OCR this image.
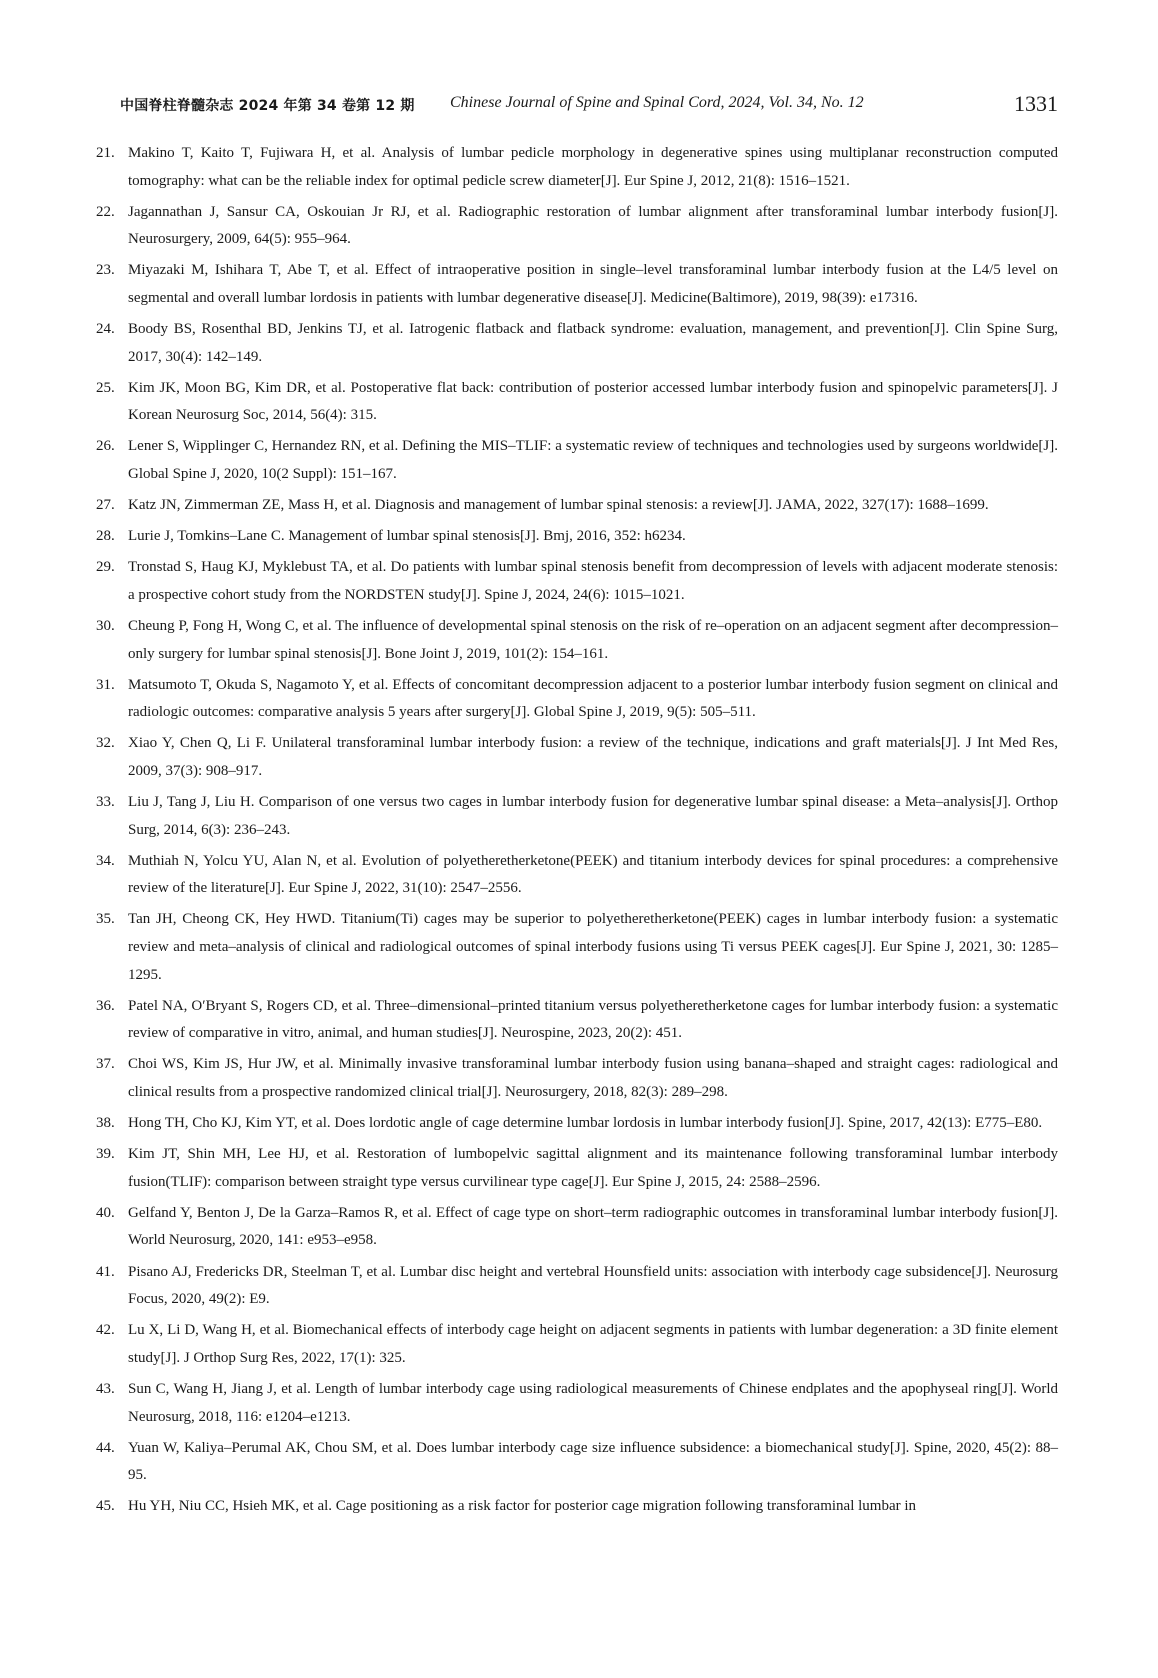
中国脊柱脊髓杂志 2024 年第 34 卷第 12 期 Chinese Journal of Spine and Spinal Cord, 2024, Vol. 34, No. 12	1331
21. Makino T, Kaito T, Fujiwara H, et al. Analysis of lumbar pedicle morphology in degenerative spines using multiplanar reconstruction computed tomography: what can be the reliable index for optimal pedicle screw diameter[J]. Eur Spine J, 2012, 21(8): 1516–1521.
22. Jagannathan J, Sansur CA, Oskouian Jr RJ, et al. Radiographic restoration of lumbar alignment after transforaminal lumbar interbody fusion[J]. Neurosurgery, 2009, 64(5): 955–964.
23. Miyazaki M, Ishihara T, Abe T, et al. Effect of intraoperative position in single–level transforaminal lumbar interbody fusion at the L4/5 level on segmental and overall lumbar lordosis in patients with lumbar degenerative disease[J]. Medicine(Baltimore), 2019, 98(39): e17316.
24. Boody BS, Rosenthal BD, Jenkins TJ, et al. Iatrogenic flatback and flatback syndrome: evaluation, management, and prevention[J]. Clin Spine Surg, 2017, 30(4): 142–149.
25. Kim JK, Moon BG, Kim DR, et al. Postoperative flat back: contribution of posterior accessed lumbar interbody fusion and spinopelvic parameters[J]. J Korean Neurosurg Soc, 2014, 56(4): 315.
26. Lener S, Wipplinger C, Hernandez RN, et al. Defining the MIS–TLIF: a systematic review of techniques and technologies used by surgeons worldwide[J]. Global Spine J, 2020, 10(2 Suppl): 151–167.
27. Katz JN, Zimmerman ZE, Mass H, et al. Diagnosis and management of lumbar spinal stenosis: a review[J]. JAMA, 2022, 327(17): 1688–1699.
28. Lurie J, Tomkins–Lane C. Management of lumbar spinal stenosis[J]. Bmj, 2016, 352: h6234.
29. Tronstad S, Haug KJ, Myklebust TA, et al. Do patients with lumbar spinal stenosis benefit from decompression of levels with adjacent moderate stenosis: a prospective cohort study from the NORDSTEN study[J]. Spine J, 2024, 24(6): 1015–1021.
30. Cheung P, Fong H, Wong C, et al. The influence of developmental spinal stenosis on the risk of re–operation on an adjacent segment after decompression–only surgery for lumbar spinal stenosis[J]. Bone Joint J, 2019, 101(2): 154–161.
31. Matsumoto T, Okuda S, Nagamoto Y, et al. Effects of concomitant decompression adjacent to a posterior lumbar interbody fusion segment on clinical and radiologic outcomes: comparative analysis 5 years after surgery[J]. Global Spine J, 2019, 9(5): 505–511.
32. Xiao Y, Chen Q, Li F. Unilateral transforaminal lumbar interbody fusion: a review of the technique, indications and graft materials[J]. J Int Med Res, 2009, 37(3): 908–917.
33. Liu J, Tang J, Liu H. Comparison of one versus two cages in lumbar interbody fusion for degenerative lumbar spinal disease: a Meta–analysis[J]. Orthop Surg, 2014, 6(3): 236–243.
34. Muthiah N, Yolcu YU, Alan N, et al. Evolution of polyetheretherketone(PEEK) and titanium interbody devices for spinal procedures: a comprehensive review of the literature[J]. Eur Spine J, 2022, 31(10): 2547–2556.
35. Tan JH, Cheong CK, Hey HWD. Titanium(Ti) cages may be superior to polyetheretherketone(PEEK) cages in lumbar interbody fusion: a systematic review and meta–analysis of clinical and radiological outcomes of spinal interbody fusions using Ti versus PEEK cages[J]. Eur Spine J, 2021, 30: 1285–1295.
36. Patel NA, O′Bryant S, Rogers CD, et al. Three–dimensional–printed titanium versus polyetheretherketone cages for lumbar interbody fusion: a systematic review of comparative in vitro, animal, and human studies[J]. Neurospine, 2023, 20(2): 451.
37. Choi WS, Kim JS, Hur JW, et al. Minimally invasive transforaminal lumbar interbody fusion using banana–shaped and straight cages: radiological and clinical results from a prospective randomized clinical trial[J]. Neurosurgery, 2018, 82(3): 289–298.
38. Hong TH, Cho KJ, Kim YT, et al. Does lordotic angle of cage determine lumbar lordosis in lumbar interbody fusion[J]. Spine, 2017, 42(13): E775–E80.
39. Kim JT, Shin MH, Lee HJ, et al. Restoration of lumbopelvic sagittal alignment and its maintenance following transforaminal lumbar interbody fusion(TLIF): comparison between straight type versus curvilinear type cage[J]. Eur Spine J, 2015, 24: 2588–2596.
40. Gelfand Y, Benton J, De la Garza–Ramos R, et al. Effect of cage type on short–term radiographic outcomes in transforaminal lumbar interbody fusion[J]. World Neurosurg, 2020, 141: e953–e958.
41. Pisano AJ, Fredericks DR, Steelman T, et al. Lumbar disc height and vertebral Hounsfield units: association with interbody cage subsidence[J]. Neurosurg Focus, 2020, 49(2): E9.
42. Lu X, Li D, Wang H, et al. Biomechanical effects of interbody cage height on adjacent segments in patients with lumbar degeneration: a 3D finite element study[J]. J Orthop Surg Res, 2022, 17(1): 325.
43. Sun C, Wang H, Jiang J, et al. Length of lumbar interbody cage using radiological measurements of Chinese endplates and the apophyseal ring[J]. World Neurosurg, 2018, 116: e1204–e1213.
44. Yuan W, Kaliya–Perumal AK, Chou SM, et al. Does lumbar interbody cage size influence subsidence: a biomechanical study[J]. Spine, 2020, 45(2): 88–95.
45. Hu YH, Niu CC, Hsieh MK, et al. Cage positioning as a risk factor for posterior cage migration following transforaminal lumbar in
